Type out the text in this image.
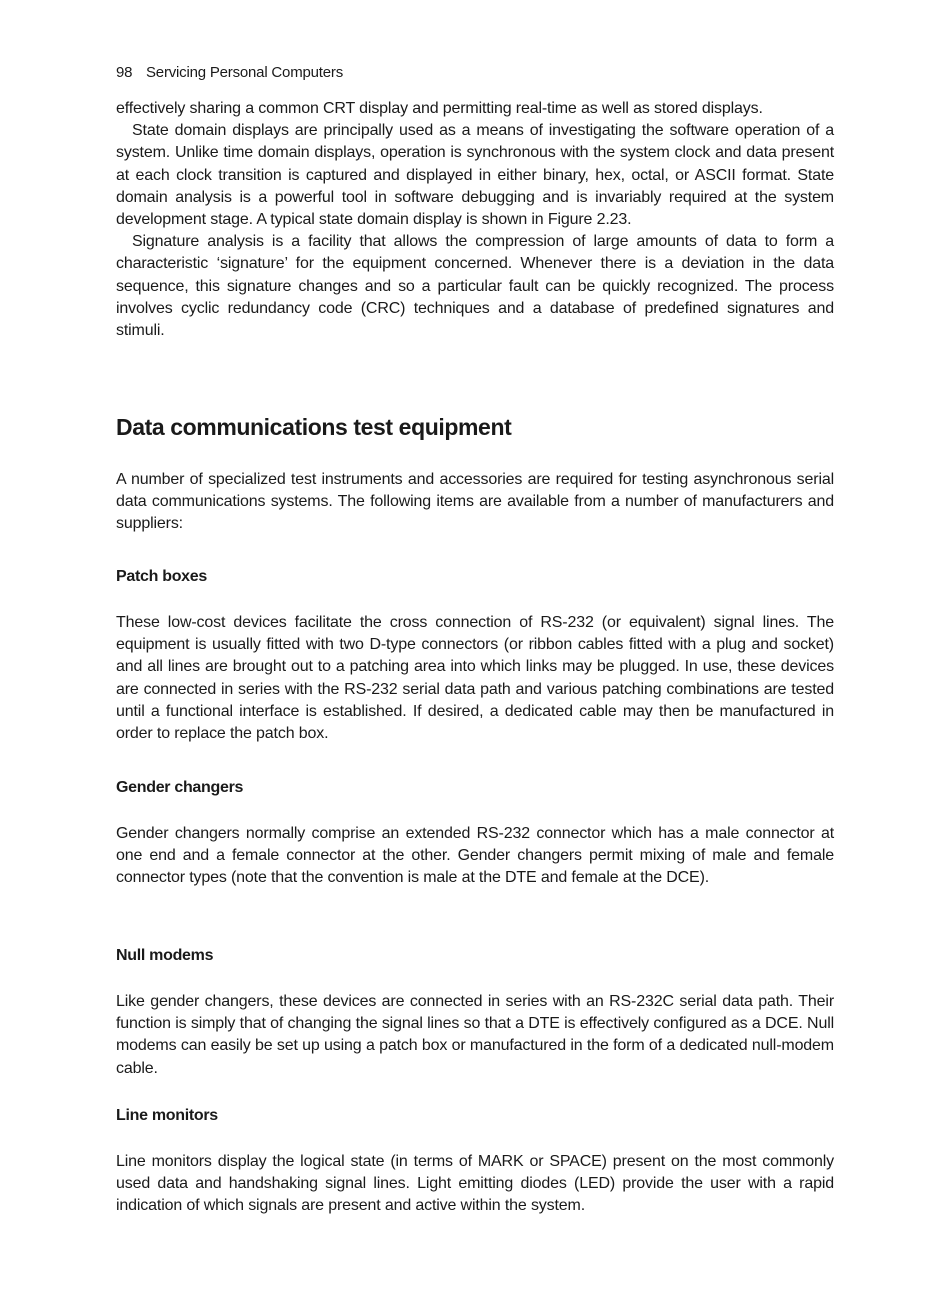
98 Servicing Personal Computers

effectively sharing a common CRT display and permitting real-time as well as stored displays.

State domain displays are principally used as a means of investigating the software operation of a system. Unlike time domain displays, operation is synchronous with the system clock and data present at each clock transition is captured and displayed in either binary, hex, octal, or ASCII format. State domain analysis is a powerful tool in software debugging and is invariably required at the system development stage. A typical state domain display is shown in Figure 2.23.

Signature analysis is a facility that allows the compression of large amounts of data to form a characteristic ‘signature’ for the equipment concerned. Whenever there is a deviation in the data sequence, this signature changes and so a particular fault can be quickly recognized. The process involves cyclic redundancy code (CRC) techniques and a database of predefined signatures and stimuli.

Data communications test equipment

A number of specialized test instruments and accessories are required for testing asynchronous serial data communications systems. The following items are available from a number of manufacturers and suppliers:

Patch boxes

These low-cost devices facilitate the cross connection of RS-232 (or equivalent) signal lines. The equipment is usually fitted with two D-type connectors (or ribbon cables fitted with a plug and socket) and all lines are brought out to a patching area into which links may be plugged. In use, these devices are connected in series with the RS-232 serial data path and various patching combinations are tested until a functional interface is established. If desired, a dedicated cable may then be manufactured in order to replace the patch box.

Gender changers

Gender changers normally comprise an extended RS-232 connector which has a male connector at one end and a female connector at the other. Gender changers permit mixing of male and female connector types (note that the convention is male at the DTE and female at the DCE).

Null modems

Like gender changers, these devices are connected in series with an RS-232C serial data path. Their function is simply that of changing the signal lines so that a DTE is effectively configured as a DCE. Null modems can easily be set up using a patch box or manufactured in the form of a dedicated null-modem cable.

Line monitors

Line monitors display the logical state (in terms of MARK or SPACE) present on the most commonly used data and handshaking signal lines. Light emitting diodes (LED) provide the user with a rapid indication of which signals are present and active within the system.
